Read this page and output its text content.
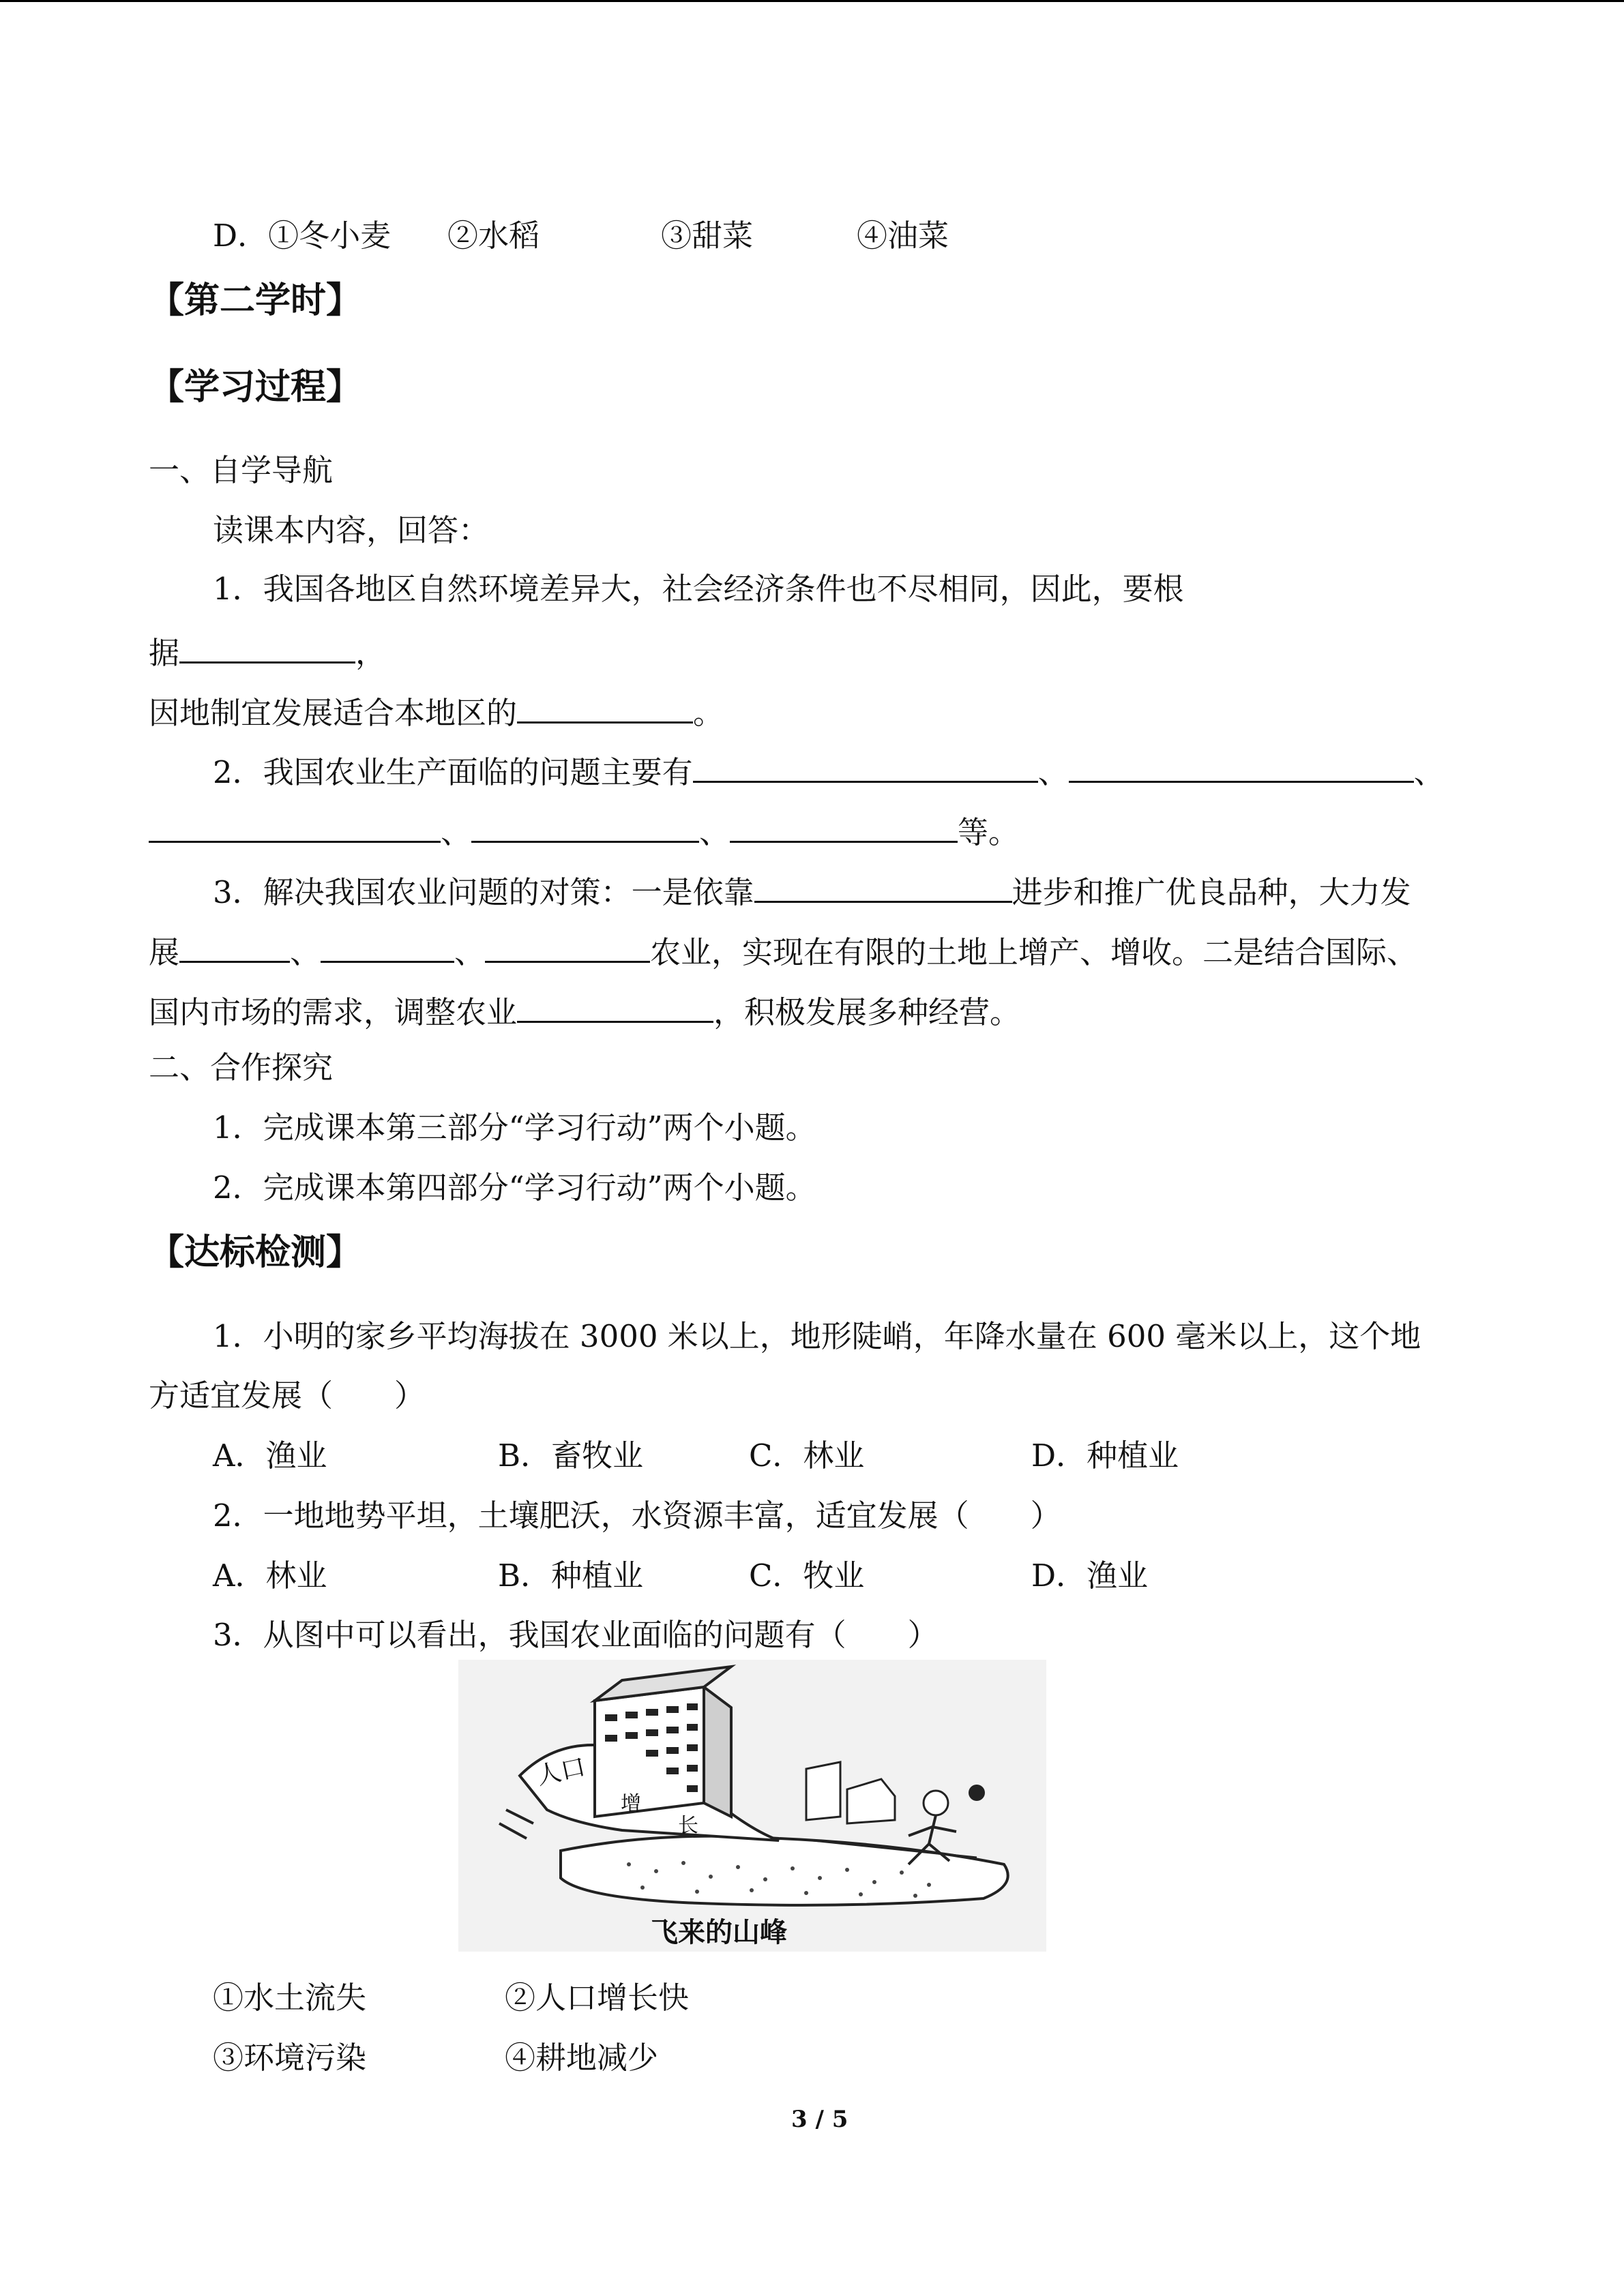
D．①冬小麦 ②水稻	③甜菜	④油菜
【第二学时】
【学习过程】
一、自学导航
读课本内容，回答：
1．我国各地区自然环境差异大，社会经济条件也不尽相同，因此，要根
据	，
因地制宜发展适合本地区的	。
2．我国农业生产面临的问题主要有	、	、
、	、	等。
3．解决我国农业问题的对策：一是依靠	进步和推广优良品种，大力发
展	、	、	农业，实现在有限的土地上增产、增收。二是结合国际、
国内市场的需求，调整农业	，积极发展多种经营。
二、合作探究
1．完成课本第三部分“学习行动”两个小题。
2．完成课本第四部分“学习行动”两个小题。
【达标检测】
1．小明的家乡平均海拔在 3000 米以上，地形陡峭，年降水量在 600 毫米以上，这个地
方适宜发展（　　）
A．渔业	B．畜牧业	C．林业	D．种植业
2．一地地势平坦，土壤肥沃，水资源丰富，适宜发展（　　）
A．林业	B．种植业	C．牧业	D．渔业
3．从图中可以看出，我国农业面临的问题有（　　）
人口
增
长
飞来的山峰
①水土流失	②人口增长快
③环境污染	④耕地减少
3 / 5
